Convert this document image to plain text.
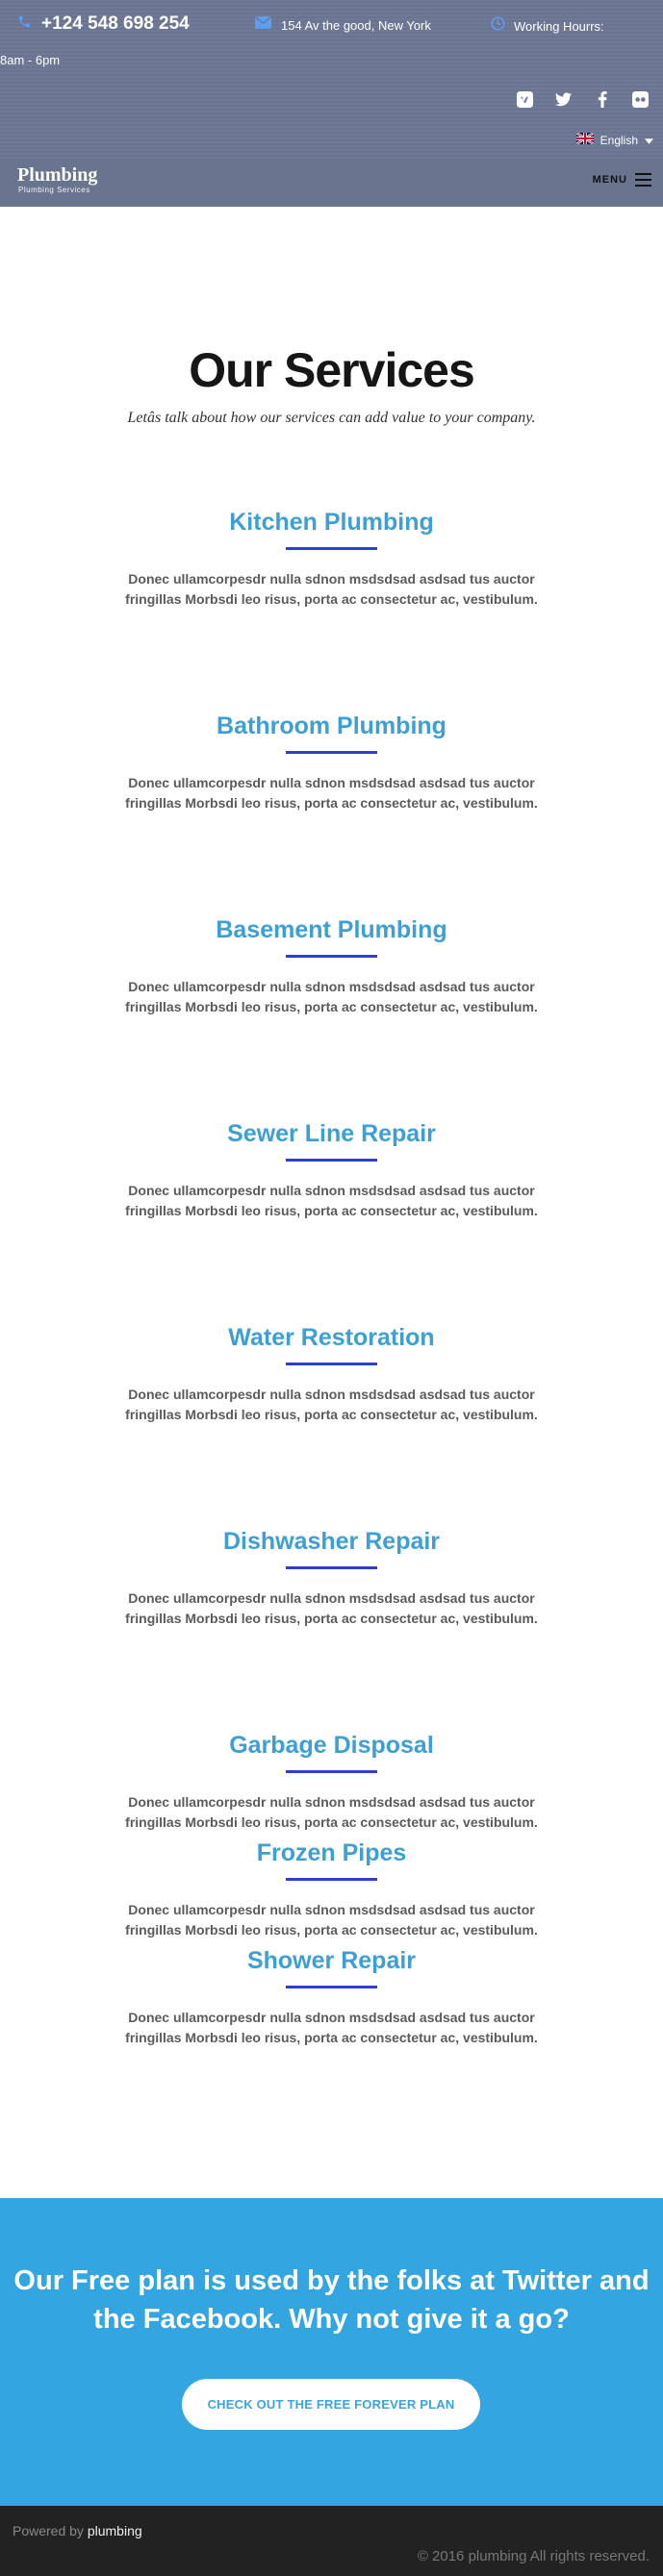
+124 548 698 254	154 Av the good, New York	Working Hourrs:
8am - 6pm
English
Plumbing
Plumbing Services
MENU
Our Services

Letâs talk about how our services can add value to your company.

Kitchen Plumbing

Donec ullamcorpesdr nulla sdnon msdsdsad asdsad tus auctor fringillas Morbsdi leo risus, porta ac consectetur ac, vestibulum.

Bathroom Plumbing

Donec ullamcorpesdr nulla sdnon msdsdsad asdsad tus auctor fringillas Morbsdi leo risus, porta ac consectetur ac, vestibulum.

Basement Plumbing

Donec ullamcorpesdr nulla sdnon msdsdsad asdsad tus auctor fringillas Morbsdi leo risus, porta ac consectetur ac, vestibulum.

Sewer Line Repair

Donec ullamcorpesdr nulla sdnon msdsdsad asdsad tus auctor fringillas Morbsdi leo risus, porta ac consectetur ac, vestibulum.

Water Restoration

Donec ullamcorpesdr nulla sdnon msdsdsad asdsad tus auctor fringillas Morbsdi leo risus, porta ac consectetur ac, vestibulum.

Dishwasher Repair

Donec ullamcorpesdr nulla sdnon msdsdsad asdsad tus auctor fringillas Morbsdi leo risus, porta ac consectetur ac, vestibulum.

Garbage Disposal

Donec ullamcorpesdr nulla sdnon msdsdsad asdsad tus auctor fringillas Morbsdi leo risus, porta ac consectetur ac, vestibulum.

Frozen Pipes

Donec ullamcorpesdr nulla sdnon msdsdsad asdsad tus auctor fringillas Morbsdi leo risus, porta ac consectetur ac, vestibulum.

Shower Repair

Donec ullamcorpesdr nulla sdnon msdsdsad asdsad tus auctor fringillas Morbsdi leo risus, porta ac consectetur ac, vestibulum.

Our Free plan is used by the folks at Twitter and the Facebook. Why not give it a go?
CHECK OUT THE FREE FOREVER PLAN
Powered by plumbing
© 2016 plumbing All rights reserved.
